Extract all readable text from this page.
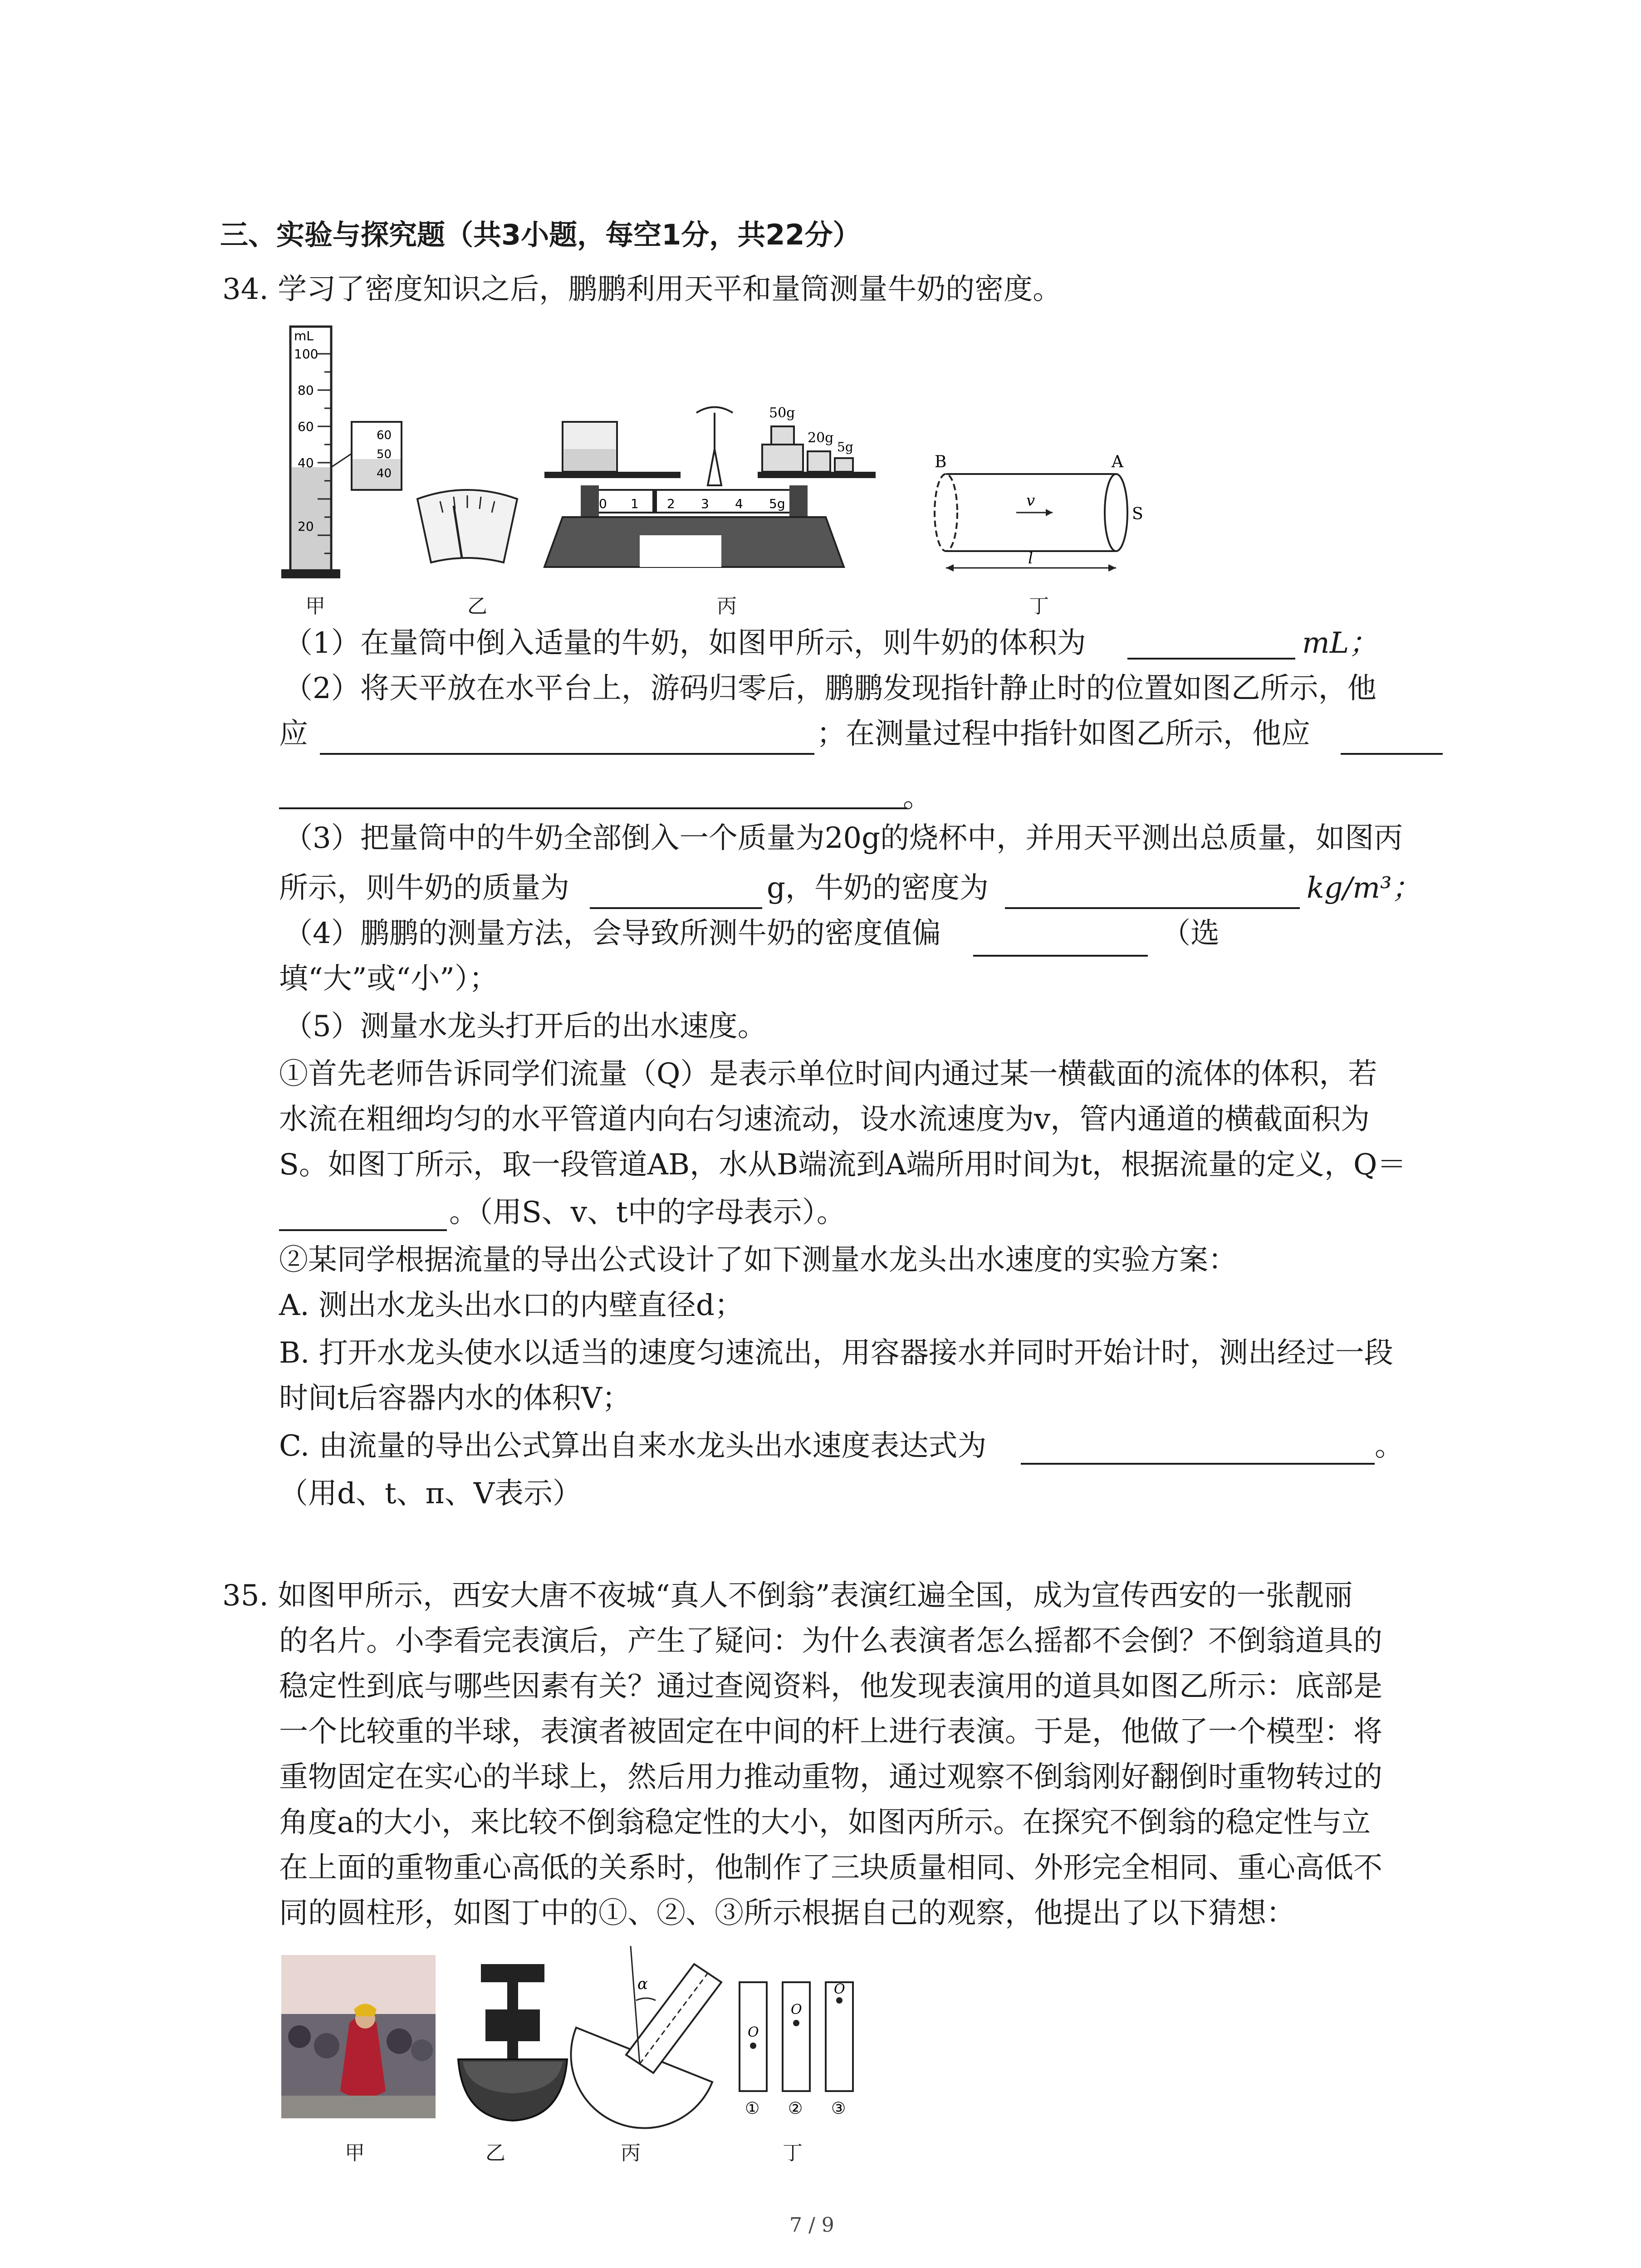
三、实验与探究题（共3小题，每空1分，共22分）
34. 学习了密度知识之后，鹏鹏利用天平和量筒测量牛奶的密度。
mL
100
80
60
40
20
60
50
40
甲	乙
50g
20g
5g
0 1 2 3 4 5g
丙
B	A
S
v
l
丁
（1）在量筒中倒入适量的牛奶，如图甲所示，则牛奶的体积为	mL；
（2）将天平放在水平台上，游码归零后，鹏鹏发现指针静止时的位置如图乙所示，他
应	；在测量过程中指针如图乙所示，他应
。
（3）把量筒中的牛奶全部倒入一个质量为20g的烧杯中，并用天平测出总质量，如图丙
所示，则牛奶的质量为	g，牛奶的密度为	kg/m³；
（4）鹏鹏的测量方法，会导致所测牛奶的密度值偏	（选
填“大”或“小”）；
（5）测量水龙头打开后的出水速度。
①首先老师告诉同学们流量（Q）是表示单位时间内通过某一横截面的流体的体积，若
水流在粗细均匀的水平管道内向右匀速流动，设水流速度为v，管内通道的横截面积为
S。如图丁所示，取一段管道AB，水从B端流到A端所用时间为t，根据流量的定义，Q＝
。（用S、v、t中的字母表示）。
②某同学根据流量的导出公式设计了如下测量水龙头出水速度的实验方案：
A. 测出水龙头出水口的内壁直径d；
B. 打开水龙头使水以适当的速度匀速流出，用容器接水并同时开始计时，测出经过一段
时间t后容器内水的体积V；
C. 由流量的导出公式算出自来水龙头出水速度表达式为	。
（用d、t、π、V表示）
35. 如图甲所示，西安大唐不夜城“真人不倒翁”表演红遍全国，成为宣传西安的一张靓丽
的名片。小李看完表演后，产生了疑问：为什么表演者怎么摇都不会倒？不倒翁道具的
稳定性到底与哪些因素有关？通过查阅资料，他发现表演用的道具如图乙所示：底部是
一个比较重的半球，表演者被固定在中间的杆上进行表演。于是，他做了一个模型：将
重物固定在实心的半球上，然后用力推动重物，通过观察不倒翁刚好翻倒时重物转过的
角度a的大小，来比较不倒翁稳定性的大小，如图丙所示。在探究不倒翁的稳定性与立
在上面的重物重心高低的关系时，他制作了三块质量相同、外形完全相同、重心高低不
同的圆柱形，如图丁中的①、②、③所示根据自己的观察，他提出了以下猜想：
甲	乙
α
丙
O
O
O
① ② ③
丁
7 / 9
